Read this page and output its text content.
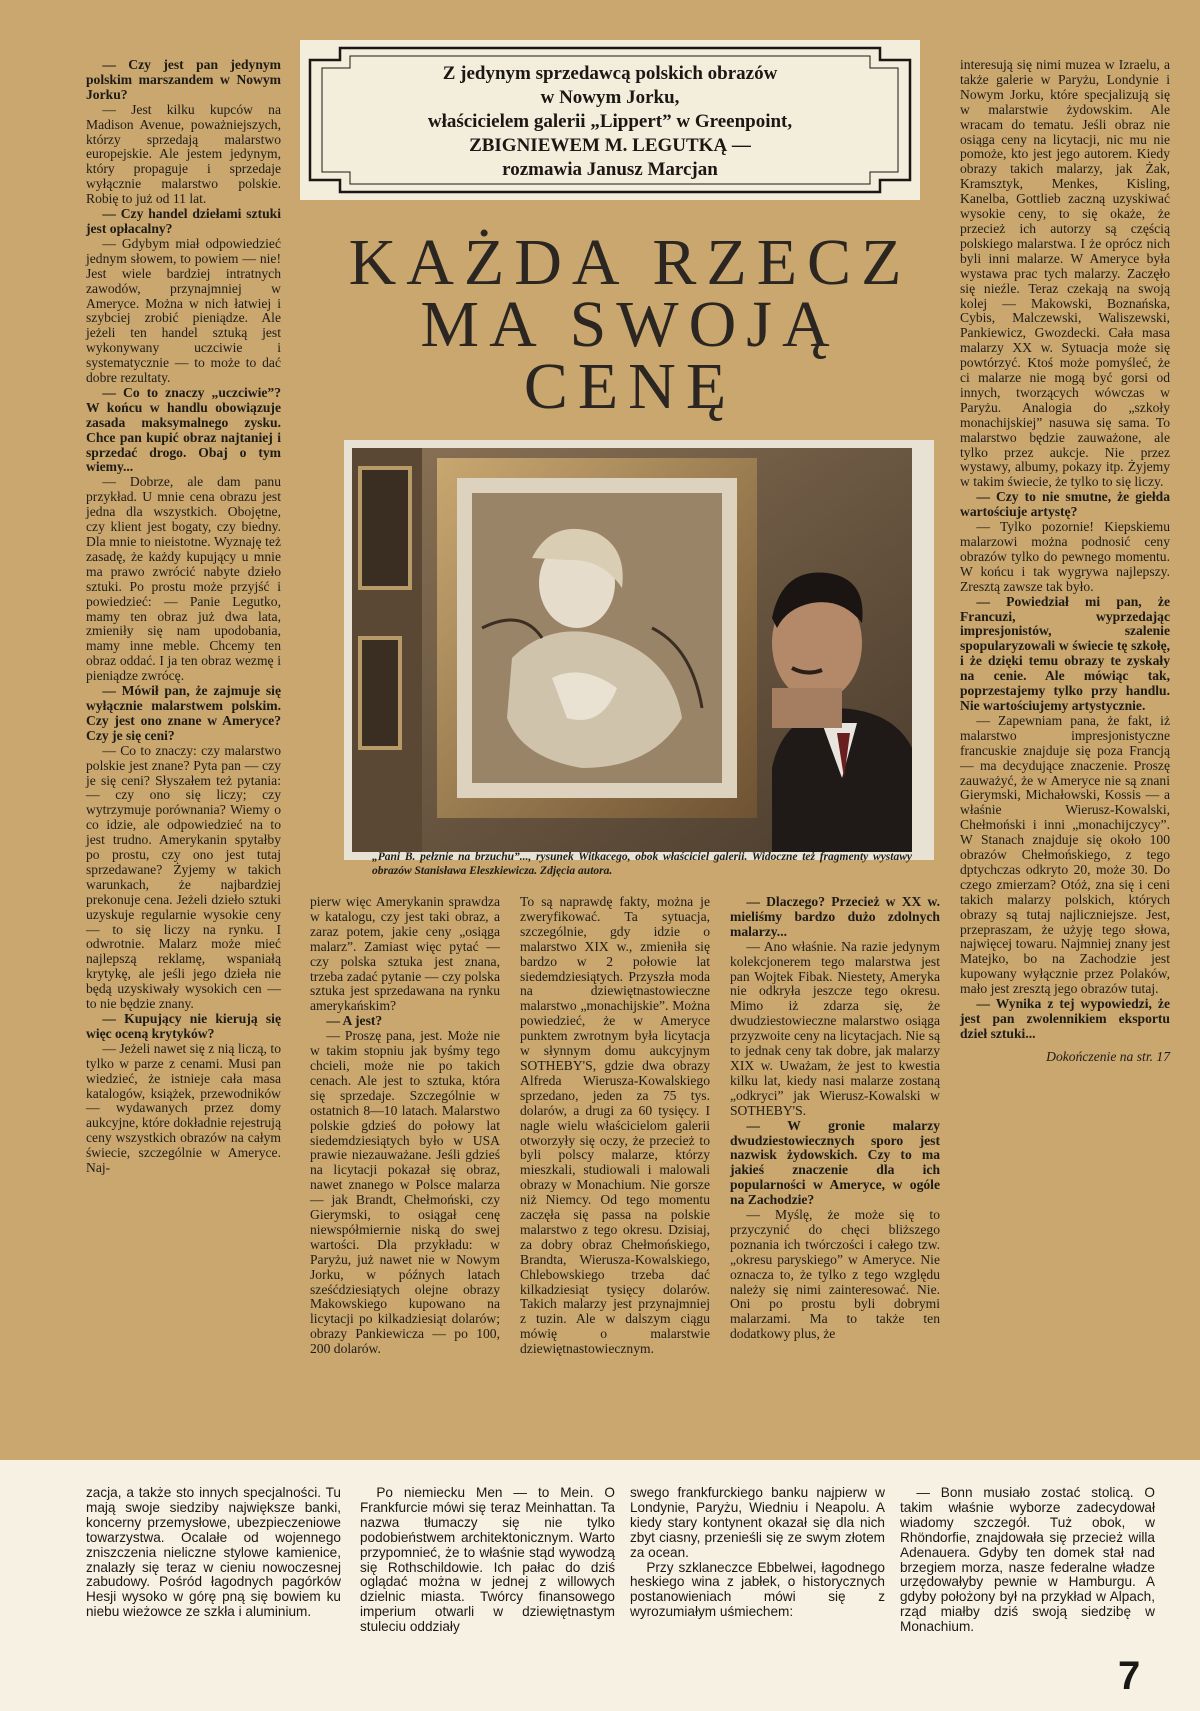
Z jedynym sprzedawcą polskich obrazów
w Nowym Jorku,
właścicielem galerii „Lippert” w Greenpoint,
ZBIGNIEWEM M. LEGUTKĄ —
rozmawia Janusz Marcjan
KAŻDA RZECZ
MA SWOJĄ
CENĘ
„Pani B. pełznie na brzuchu”..., rysunek Witkacego, obok właściciel galerii. Widoczne też fragmenty wystawy obrazów Stanisława Eleszkiewicza. Zdjęcia autora.

— Czy jest pan jedynym polskim marszandem w Nowym Jorku?

— Jest kilku kupców na Madison Avenue, poważniejszych, którzy sprzedają malarstwo europejskie. Ale jestem jedynym, który propaguje i sprzedaje wyłącznie malarstwo polskie. Robię to już od 11 lat.

— Czy handel dziełami sztuki jest opłacalny?

— Gdybym miał odpowiedzieć jednym słowem, to powiem — nie! Jest wiele bardziej intratnych zawodów, przynajmniej w Ameryce. Można w nich łatwiej i szybciej zrobić pieniądze. Ale jeżeli ten handel sztuką jest wykonywany uczciwie i systematycznie — to może to dać dobre rezultaty.

— Co to znaczy „uczciwie”? W końcu w handlu obowiązuje zasada maksymalnego zysku. Chce pan kupić obraz najtaniej i sprzedać drogo. Obaj o tym wiemy...

— Dobrze, ale dam panu przykład. U mnie cena obrazu jest jedna dla wszystkich. Obojętne, czy klient jest bogaty, czy biedny. Dla mnie to nieistotne. Wyznaję też zasadę, że każdy kupujący u mnie ma prawo zwrócić nabyte dzieło sztuki. Po prostu może przyjść i powiedzieć: — Panie Legutko, mamy ten obraz już dwa lata, zmieniły się nam upodobania, mamy inne meble. Chcemy ten obraz oddać. I ja ten obraz wezmę i pieniądze zwrócę.

— Mówił pan, że zajmuje się wyłącznie malarstwem polskim. Czy jest ono znane w Ameryce? Czy je się ceni?

— Co to znaczy: czy malarstwo polskie jest znane? Pyta pan — czy je się ceni? Słyszałem też pytania: — czy ono się liczy; czy wytrzymuje porównania? Wiemy o co idzie, ale odpowiedzieć na to jest trudno. Amerykanin spytałby po prostu, czy ono jest tutaj sprzedawane? Żyjemy w takich warunkach, że najbardziej prekonuje cena. Jeżeli dzieło sztuki uzyskuje regularnie wysokie ceny — to się liczy na rynku. I odwrotnie. Malarz może mieć najlepszą reklamę, wspaniałą krytykę, ale jeśli jego dzieła nie będą uzyskiwały wysokich cen — to nie będzie znany.

— Kupujący nie kierują się więc oceną krytyków?

— Jeżeli nawet się z nią liczą, to tylko w parze z cenami. Musi pan wiedzieć, że istnieje cała masa katalogów, książek, przewodników — wydawanych przez domy aukcyjne, które dokładnie rejestrują ceny wszystkich obrazów na całym świecie, szczególnie w Ameryce. Naj-

pierw więc Amerykanin sprawdza w katalogu, czy jest taki obraz, a zaraz potem, jakie ceny „osiąga malarz”. Zamiast więc pytać — czy polska sztuka jest znana, trzeba zadać pytanie — czy polska sztuka jest sprzedawana na rynku amerykańskim?

— A jest?

— Proszę pana, jest. Może nie w takim stopniu jak byśmy tego chcieli, może nie po takich cenach. Ale jest to sztuka, która się sprzedaje. Szczególnie w ostatnich 8—10 latach. Malarstwo polskie gdzieś do połowy lat siedemdziesiątych było w USA prawie niezauważane. Jeśli gdzieś na licytacji pokazał się obraz, nawet znanego w Polsce malarza — jak Brandt, Chełmoński, czy Gierymski, to osiągał cenę niewspółmiernie niską do swej wartości. Dla przykładu: w Paryżu, już nawet nie w Nowym Jorku, w późnych latach sześćdziesiątych olejne obrazy Makowskiego kupowano na licytacji po kilkadziesiąt dolarów; obrazy Pankiewicza — po 100, 200 dolarów.

To są naprawdę fakty, można je zweryfikować. Ta sytuacja, szczególnie, gdy idzie o malarstwo XIX w., zmieniła się bardzo w 2 połowie lat siedemdziesiątych. Przyszła moda na dziewiętnastowieczne malarstwo „monachijskie”. Można powiedzieć, że w Ameryce punktem zwrotnym była licytacja w słynnym domu aukcyjnym SOTHEBY'S, gdzie dwa obrazy Alfreda Wierusza-Kowalskiego sprzedano, jeden za 75 tys. dolarów, a drugi za 60 tysięcy. I nagle wielu właścicielom galerii otworzyły się oczy, że przecież to byli polscy malarze, którzy mieszkali, studiowali i malowali obrazy w Monachium. Nie gorsze niż Niemcy. Od tego momentu zaczęła się passa na polskie malarstwo z tego okresu. Dzisiaj, za dobry obraz Chełmońskiego, Brandta, Wierusza-Kowalskiego, Chlebowskiego trzeba dać kilkadziesiąt tysięcy dolarów. Takich malarzy jest przynajmniej z tuzin. Ale w dalszym ciągu mówię o malarstwie dziewiętnastowiecznym.

— Dlaczego? Przecież w XX w. mieliśmy bardzo dużo zdolnych malarzy...

— Ano właśnie. Na razie jedynym kolekcjonerem tego malarstwa jest pan Wojtek Fibak. Niestety, Ameryka nie odkryła jeszcze tego okresu. Mimo iż zdarza się, że dwudziestowieczne malarstwo osiąga przyzwoite ceny na licytacjach. Nie są to jednak ceny tak dobre, jak malarzy XIX w. Uważam, że jest to kwestia kilku lat, kiedy nasi malarze zostaną „odkryci” jak Wierusz-Kowalski w SOTHEBY'S.

— W gronie malarzy dwudziestowiecznych sporo jest nazwisk żydowskich. Czy to ma jakieś znaczenie dla ich popularności w Ameryce, w ogóle na Zachodzie?

— Myślę, że może się to przyczynić do chęci bliższego poznania ich twórczości i całego tzw. „okresu paryskiego” w Ameryce. Nie oznacza to, że tylko z tego względu należy się nimi zainteresować. Nie. Oni po prostu byli dobrymi malarzami. Ma to także ten dodatkowy plus, że

interesują się nimi muzea w Izraelu, a także galerie w Paryżu, Londynie i Nowym Jorku, które specjalizują się w malarstwie żydowskim. Ale wracam do tematu. Jeśli obraz nie osiąga ceny na licytacji, nic mu nie pomoże, kto jest jego autorem. Kiedy obrazy takich malarzy, jak Żak, Kramsztyk, Menkes, Kisling, Kanelba, Gottlieb zaczną uzyskiwać wysokie ceny, to się okaże, że przecież ich autorzy są częścią polskiego malarstwa. I że oprócz nich byli inni malarze. W Ameryce była wystawa prac tych malarzy. Zaczęło się nieźle. Teraz czekają na swoją kolej — Makowski, Boznańska, Cybis, Malczewski, Waliszewski, Pankiewicz, Gwozdecki. Cała masa malarzy XX w. Sytuacja może się powtórzyć. Ktoś może pomyśleć, że ci malarze nie mogą być gorsi od innych, tworzących wówczas w Paryżu. Analogia do „szkoły monachijskiej” nasuwa się sama. To malarstwo będzie zauważone, ale tylko przez aukcje. Nie przez wystawy, albumy, pokazy itp. Żyjemy w takim świecie, że tylko to się liczy.

— Czy to nie smutne, że giełda wartościuje artystę?

— Tylko pozornie! Kiepskiemu malarzowi można podnosić ceny obrazów tylko do pewnego momentu. W końcu i tak wygrywa najlepszy. Zresztą zawsze tak było.

— Powiedział mi pan, że Francuzi, wyprzedając impresjonistów, szalenie spopularyzowali w świecie tę szkołę, i że dzięki temu obrazy te zyskały na cenie. Ale mówiąc tak, poprzestajemy tylko przy handlu. Nie wartościujemy artystycznie.

— Zapewniam pana, że fakt, iż malarstwo impresjonistyczne francuskie znajduje się poza Francją — ma decydujące znaczenie. Proszę zauważyć, że w Ameryce nie są znani Gierymski, Michałowski, Kossis — a właśnie Wierusz-Kowalski, Chełmoński i inni „monachijczycy”. W Stanach znajduje się około 100 obrazów Chełmońskiego, z tego dptychczas odkryto 20, może 30. Do czego zmierzam? Otóż, zna się i ceni takich malarzy polskich, których obrazy są tutaj najliczniejsze. Jest, przepraszam, że użyję tego słowa, najwięcej towaru. Najmniej znany jest Matejko, bo na Zachodzie jest kupowany wyłącznie przez Polaków, mało jest zresztą jego obrazów tutaj.

— Wynika z tej wypowiedzi, że jest pan zwolennikiem eksportu dzieł sztuki...

Dokończenie na str. 17

zacja, a także sto innych specjalności. Tu mają swoje siedziby największe banki, koncerny przemysłowe, ubezpieczeniowe towarzystwa. Ocalałe od wojennego zniszczenia nieliczne stylowe kamienice, znalazły się teraz w cieniu nowoczesnej zabudowy. Pośród łagodnych pagórków Hesji wysoko w górę pną się bowiem ku niebu wieżowce ze szkła i aluminium.

Po niemiecku Men — to Mein. O Frankfurcie mówi się teraz Meinhattan. Ta nazwa tłumaczy się nie tylko podobieństwem architektonicznym. Warto przypomnieć, że to właśnie stąd wywodzą się Rothschildowie. Ich pałac do dziś oglądać można w jednej z willowych dzielnic miasta. Twórcy finansowego imperium otwarli w dziewiętnastym stuleciu oddziały

swego frankfurckiego banku najpierw w Londynie, Paryżu, Wiedniu i Neapolu. A kiedy stary kontynent okazał się dla nich zbyt ciasny, przenieśli się ze swym złotem za ocean.

Przy szklaneczce Ebbelwei, łagodnego heskiego wina z jabłek, o historycznych postanowieniach mówi się z wyrozumiałym uśmiechem:

— Bonn musiało zostać stolicą. O takim właśnie wyborze zadecydował wiadomy szczegół. Tuż obok, w Rhöndorfie, znajdowała się przecież willa Adenauera. Gdyby ten domek stał nad brzegiem morza, nasze federalne władze urzędowałyby pewnie w Hamburgu. A gdyby położony był na przykład w Alpach, rząd miałby dziś swoją siedzibę w Monachium.

7
